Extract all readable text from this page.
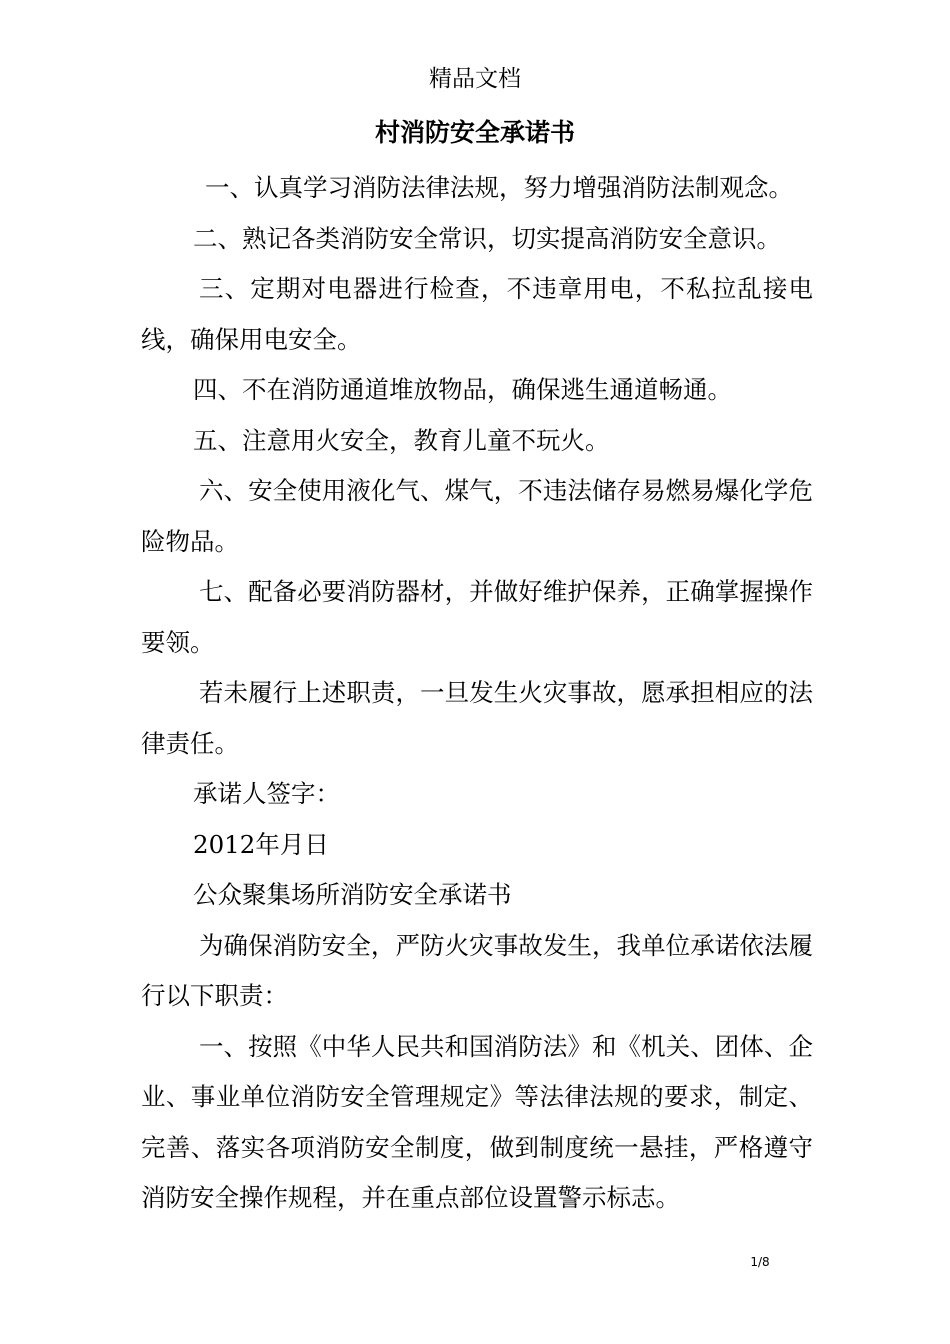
精品文档
村消防安全承诺书

一、认真学习消防法律法规，努力增强消防法制观念。

二、熟记各类消防安全常识，切实提高消防安全意识。

三、定期对电器进行检查，不违章用电，不私拉乱接电线，确保用电安全。

四、不在消防通道堆放物品，确保逃生通道畅通。

五、注意用火安全，教育儿童不玩火。

六、安全使用液化气、煤气，不违法储存易燃易爆化学危险物品。

七、配备必要消防器材，并做好维护保养，正确掌握操作要领。

若未履行上述职责，一旦发生火灾事故，愿承担相应的法律责任。

承诺人签字：

2012年月日

公众聚集场所消防安全承诺书

为确保消防安全，严防火灾事故发生，我单位承诺依法履行以下职责：

一、按照《中华人民共和国消防法》和《机关、团体、企业、事业单位消防安全管理规定》等法律法规的要求，制定、完善、落实各项消防安全制度，做到制度统一悬挂，严格遵守消防安全操作规程，并在重点部位设置警示标志。

1/8
